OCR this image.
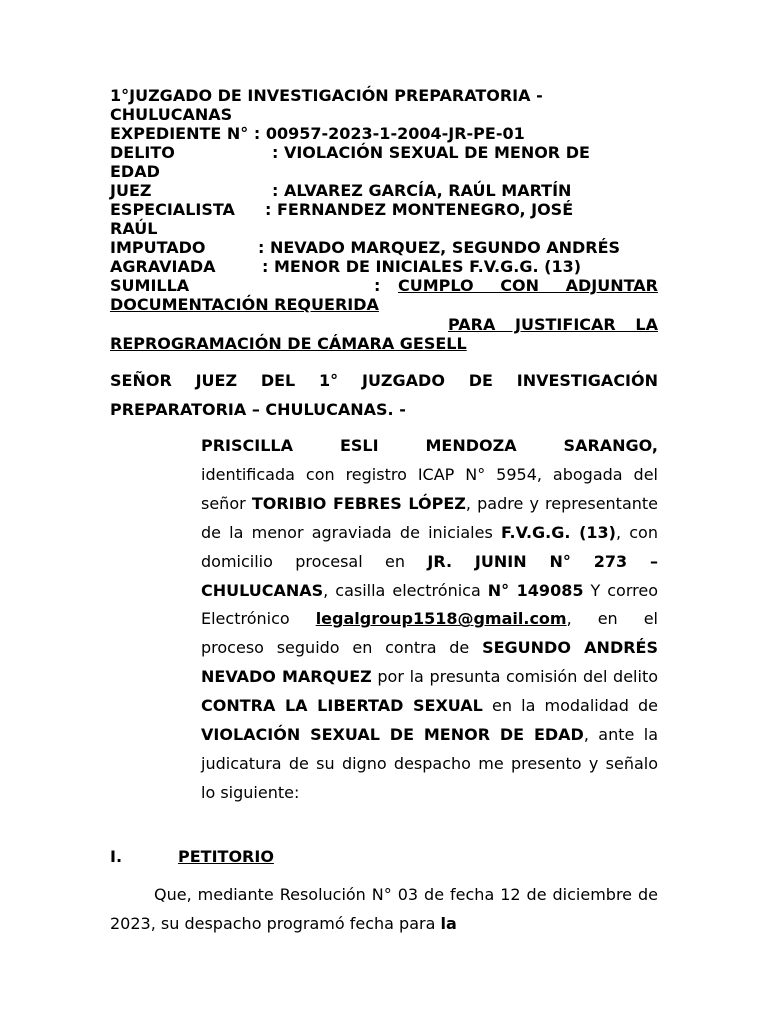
1°JUZGADO DE INVESTIGACIÓN PREPARATORIA -
CHULUCANAS
EXPEDIENTE N° : 00957-2023-1-2004-JR-PE-01
DELITO	: VIOLACIÓN SEXUAL DE MENOR DE
EDAD
JUEZ	: ALVAREZ GARCÍA, RAÚL MARTÍN
ESPECIALISTA : FERNANDEZ MONTENEGRO, JOSÉ
RAÚL
IMPUTADO	: NEVADO MARQUEZ, SEGUNDO ANDRÉS
AGRAVIADA	: MENOR DE INICIALES F.V.G.G. (13)
SUMILLA	:	CUMPLO CON ADJUNTAR
DOCUMENTACIÓN REQUERIDA
PARA JUSTIFICAR LA
REPROGRAMACIÓN DE CÁMARA GESELL
SEÑOR JUEZ DEL 1° JUZGADO DE INVESTIGACIÓN PREPARATORIA – CHULUCANAS. -
PRISCILLA ESLI MENDOZA SARANGO,
identificada con registro ICAP N° 5954, abogada del señor TORIBIO FEBRES LÓPEZ, padre y representante de la menor agraviada de iniciales F.V.G.G. (13), con domicilio procesal en JR. JUNIN N° 273 – CHULUCANAS, casilla electrónica N° 149085 Y correo Electrónico legalgroup1518@gmail.com, en el proceso seguido en contra de SEGUNDO ANDRÉS NEVADO MARQUEZ por la presunta comisión del delito CONTRA LA LIBERTAD SEXUAL en la modalidad de VIOLACIÓN SEXUAL DE MENOR DE EDAD, ante la judicatura de su digno despacho me presento y señalo lo siguiente:
I.	PETITORIO
Que, mediante Resolución N° 03 de fecha 12 de diciembre de 2023, su despacho programó fecha para la
